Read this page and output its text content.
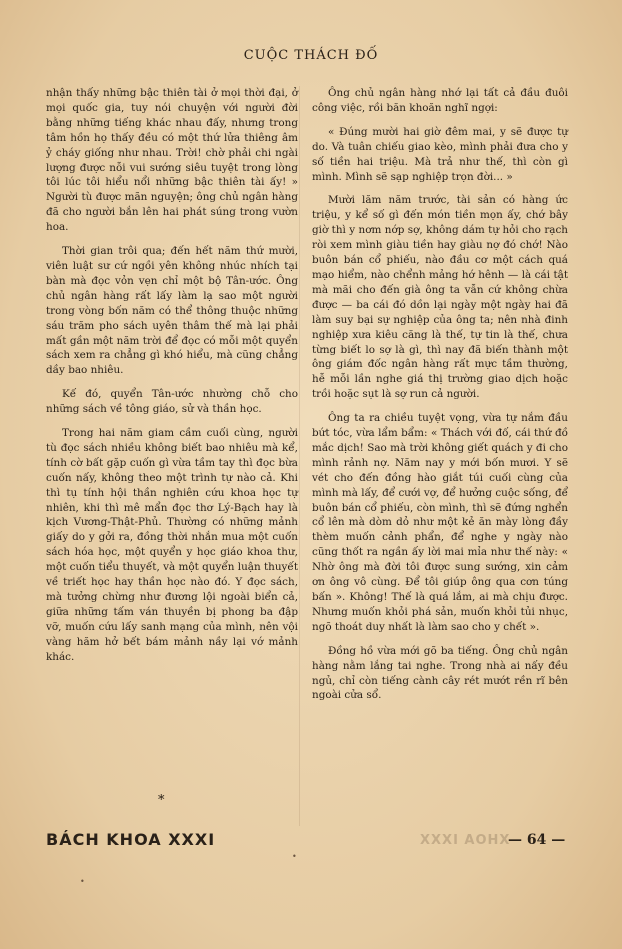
CUỘC THÁCH ĐỐ

nhận thấy những bậc thiên tài ở mọi thời đại, ở mọi quốc gia, tuy nói chuyện với người đời bằng những tiếng khác nhau đấy, nhưng trong tâm hồn họ thấy đều có một thứ lửa thiêng âm ỷ cháy giống như nhau. Trời! chờ phải chi ngài lượng được nỗi vui sướng siêu tuyệt trong lòng tôi lúc tôi hiểu nổi những bậc thiên tài ấy! » Người tù được mãn nguyện; ông chủ ngân hàng đã cho người bắn lên hai phát súng trong vườn hoa.

Thời gian trôi qua; đến hết năm thứ mười, viên luật sư cứ ngồi yên không nhúc nhích tại bàn mà đọc vỏn vẹn chỉ một bộ Tân-ước. Ông chủ ngân hàng rất lấy làm lạ sao một người trong vòng bốn năm có thể thông thuộc những sáu trăm pho sách uyên thâm thế mà lại phải mất gần một năm trời để đọc có mỗi một quyển sách xem ra chẳng gì khó hiểu, mà cũng chẳng dầy bao nhiêu.

Kế đó, quyển Tân-ước nhường chỗ cho những sách về tông giáo, sử và thần học.

Trong hai năm giam cầm cuối cùng, người tù đọc sách nhiều không biết bao nhiêu mà kể, tính cờ bất gặp cuốn gì vừa tầm tay thì đọc bừa cuốn nấy, không theo một trình tự nào cả. Khi thì tụ tính hội thần nghiên cứu khoa học tự nhiên, khi thì mê mẩn đọc thơ Lý-Bạch hay là kịch Vương-Thật-Phủ. Thường có những mảnh giấy do y gởi ra, đồng thời nhắn mua một cuốn sách hóa học, một quyển y học giáo khoa thư, một cuốn tiểu thuyết, và một quyển luận thuyết về triết học hay thần học nào đó. Y đọc sách, mà tưởng chừng như đương lội ngoài biển cả, giữa những tấm ván thuyền bị phong ba đập vỡ, muốn cứu lấy sanh mạng của mình, nên vội vàng hăm hở bết bám mảnh nầy lại vớ mảnh khác.

*

Ông chủ ngân hàng nhớ lại tất cả đầu đuôi công việc, rồi băn khoăn nghĩ ngợi:

« Đúng mười hai giờ đêm mai, y sẽ được tự do. Và tuân chiếu giao kèo, mình phải đưa cho y số tiền hai triệu. Mà trả như thế, thì còn gì mình. Mình sẽ sạp nghiệp trọn đời... »

Mười lăm năm trước, tài sản có hàng ức triệu, y kể số gì đến món tiền mọn ấy, chớ bây giờ thì y nơm nớp sợ, không dám tự hỏi cho rạch ròi xem mình giàu tiền hay giàu nợ đó chớ! Nào buôn bán cổ phiếu, nào đầu cơ một cách quá mạo hiểm, nào chểnh mảng hớ hênh — là cái tật mà mãi cho đến già ông ta vẫn cứ không chừa được — ba cái đó dồn lại ngày một ngày hai đã làm suy bại sự nghiệp của ông ta; nên nhà đinh nghiệp xưa kiêu căng là thế, tự tin là thế, chưa từng biết lo sợ là gì, thì nay đã biến thành một ông giám đốc ngân hàng rất mực tầm thường, hễ mỗi lần nghe giá thị trường giao dịch hoặc trồi hoặc sụt là sợ run cả người.

Ông ta ra chiều tuyệt vọng, vừa tự nắm đầu bứt tóc, vừa lẩm bẩm: « Thách với đố, cái thứ đồ mắc dịch! Sao mà trời không giết quách y đi cho mình rảnh nợ. Năm nay y mới bốn mươi. Y sẽ vét cho đến đồng hào giắt túi cuối cùng của mình mà lấy, để cưới vợ, để hưởng cuộc sống, để buôn bán cổ phiếu, còn mình, thì sẽ đứng nghển cổ lên mà dòm dỏ như một kẻ ăn mày lòng đầy thèm muốn cảnh phẩn, để nghe y ngày nào cũng thốt ra ngần ấy lời mai mỉa như thế này: « Nhờ ông mà đời tôi được sung sướng, xin cảm ơn ông vô cùng. Để tôi giúp ông qua cơn túng bấn ». Không! Thế là quá lắm, ai mà chịu được. Nhưng muốn khỏi phá sản, muốn khỏi tủi nhục, ngõ thoát duy nhất là làm sao cho y chết ».

Đồng hồ vừa mới gõ ba tiếng. Ông chủ ngân hàng nằm lắng tai nghe. Trong nhà ai nấy đều ngủ, chỉ còn tiếng cành cây rét mướt rền rĩ bên ngoài cửa sổ.

BÁCH KHOA XXXI	XXXI AOHX
— 64 —
•
•
